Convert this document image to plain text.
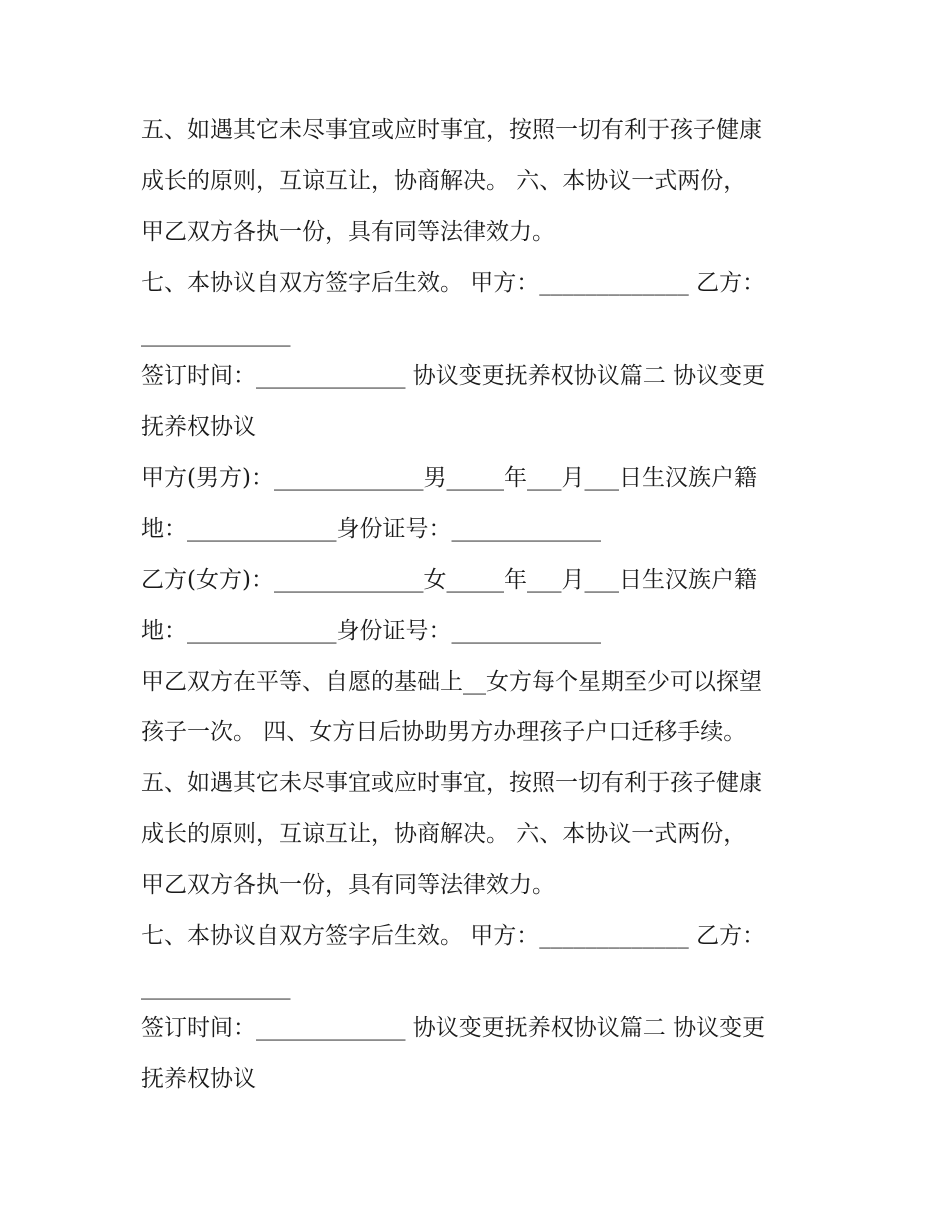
五、如遇其它未尽事宜或应时事宜，按照一切有利于孩子健康
成长的原则，互谅互让，协商解决。 六、本协议一式两份，
甲乙双方各执一份，具有同等法律效力。
七、本协议自双方签字后生效。 甲方：_____________ 乙方：
_____________
签订时间：_____________ 协议变更抚养权协议篇二 协议变更
抚养权协议
甲方(男方)：_____________男_____年___月___日生汉族户籍
地：_____________身份证号：_____________
乙方(女方)：_____________女_____年___月___日生汉族户籍
地：_____________身份证号：_____________
甲乙双方在平等、自愿的基础上__女方每个星期至少可以探望
孩子一次。 四、女方日后协助男方办理孩子户口迁移手续。
五、如遇其它未尽事宜或应时事宜，按照一切有利于孩子健康
成长的原则，互谅互让，协商解决。 六、本协议一式两份，
甲乙双方各执一份，具有同等法律效力。
七、本协议自双方签字后生效。 甲方：_____________ 乙方：
_____________
签订时间：_____________ 协议变更抚养权协议篇二 协议变更
抚养权协议
